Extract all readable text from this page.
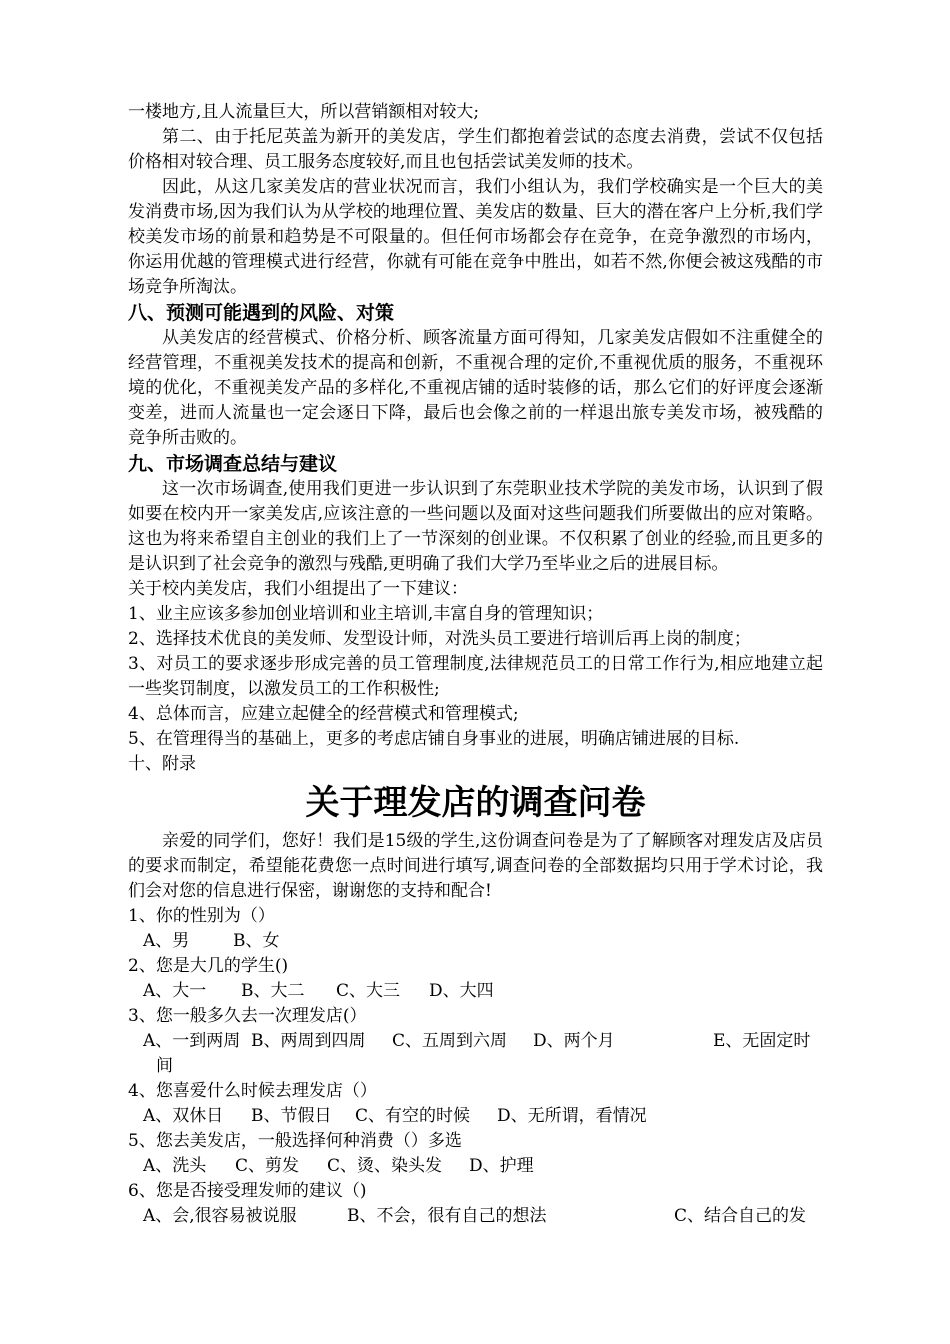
一楼地方,且人流量巨大，所以营销额相对较大;

第二、由于托尼英盖为新开的美发店，学生们都抱着尝试的态度去消费，尝试不仅包括价格相对较合理、员工服务态度较好,而且也包括尝试美发师的技术。

因此，从这几家美发店的营业状况而言，我们小组认为，我们学校确实是一个巨大的美发消费市场,因为我们认为从学校的地理位置、美发店的数量、巨大的潜在客户上分析,我们学校美发市场的前景和趋势是不可限量的。但任何市场都会存在竞争，在竞争激烈的市场内，你运用优越的管理模式进行经营，你就有可能在竞争中胜出，如若不然,你便会被这残酷的市场竞争所淘汰。

八、预测可能遇到的风险、对策

从美发店的经营模式、价格分析、顾客流量方面可得知，几家美发店假如不注重健全的经营管理，不重视美发技术的提高和创新，不重视合理的定价,不重视优质的服务，不重视环境的优化，不重视美发产品的多样化,不重视店铺的适时装修的话，那么它们的好评度会逐渐变差，进而人流量也一定会逐日下降，最后也会像之前的一样退出旅专美发市场，被残酷的竞争所击败的。

九、市场调查总结与建议

这一次市场调查,使用我们更进一步认识到了东莞职业技术学院的美发市场，认识到了假如要在校内开一家美发店,应该注意的一些问题以及面对这些问题我们所要做出的应对策略。这也为将来希望自主创业的我们上了一节深刻的创业课。不仅积累了创业的经验,而且更多的是认识到了社会竞争的激烈与残酷,更明确了我们大学乃至毕业之后的进展目标。

关于校内美发店，我们小组提出了一下建议：

1、业主应该多参加创业培训和业主培训,丰富自身的管理知识；

2、选择技术优良的美发师、发型设计师，对洗头员工要进行培训后再上岗的制度；

3、对员工的要求逐步形成完善的员工管理制度,法律规范员工的日常工作行为,相应地建立起一些奖罚制度，以激发员工的工作积极性;

4、总体而言，应建立起健全的经营模式和管理模式;

5、在管理得当的基础上，更多的考虑店铺自身事业的进展，明确店铺进展的目标.

十、附录

关于理发店的调查问卷

亲爱的同学们，您好！我们是15级的学生,这份调查问卷是为了了解顾客对理发店及店员的要求而制定，希望能花费您一点时间进行填写,调查问卷的全部数据均只用于学术讨论，我们会对您的信息进行保密，谢谢您的支持和配合!

1、你的性别为（）

A、男	B、女

2、您是大几的学生()

A、大一 B、大二 C、大三 D、大四

3、您一般多久去一次理发店(）

A、一到两周 B、两周到四周 C、五周到六周 D、两个月	E、无固定时

间

4、您喜爱什么时候去理发店（）

A、双休日 B、节假日 C、有空的时候 D、无所谓，看情况

5、您去美发店，一般选择何种消费（）多选

A、洗头 C、剪发 C、烫、染头发 D、护理

6、您是否接受理发师的建议（)

A、会,很容易被说服	B、不会，很有自己的想法	C、结合自己的发
